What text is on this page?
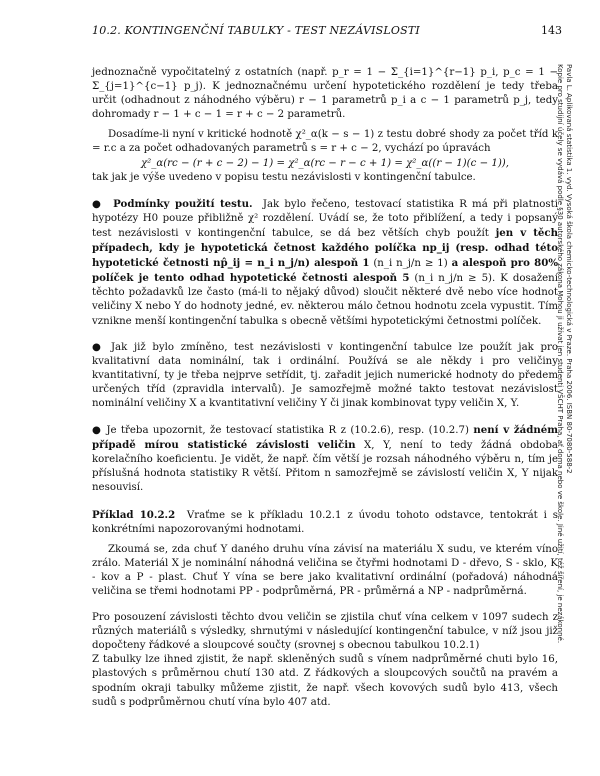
10.2. KONTINGENČNÍ TABULKY - TEST NEZÁVISLOSTI	143

jednoznačně vypočitatelný z ostatních (např. p_r = 1 − Σ_{i=1}^{r−1} p_i, p_c = 1 − Σ_{j=1}^{c−1} p_j). K jednoznačnému určení hypotetického rozdělení je tedy třeba určit (odhadnout z náhodného výběru) r − 1 parametrů p_i a c − 1 parametrů p_j, tedy dohromady r − 1 + c − 1 = r + c − 2 parametrů.

Dosadíme-li nyní v kritické hodnotě χ²_α(k − s − 1) z testu dobré shody za počet tříd k = r.c a za počet odhadovaných parametrů s = r + c − 2, vychází po úpravách

χ²_α(rc − (r + c − 2) − 1) = χ²_α(rc − r − c + 1) = χ²_α((r − 1)(c − 1)),

tak jak je výše uvedeno v popisu testu nezávislosti v kontingenční tabulce.

●  Podmínky použití testu. Jak bylo řečeno, testovací statistika R má při platnosti hypotézy H0 pouze přibližně χ² rozdělení. Uvádí se, že toto přiblížení, a tedy i popsaný test nezávislosti v kontingenční tabulce, se dá bez větších chyb použít jen v těch případech, kdy je hypotetická četnost každého políčka np_ij (resp. odhad této hypotetické četnosti np̂_ij = n_i n_j/n) alespoň 1 (n_i n_j/n ≥ 1) a alespoň pro 80% políček je tento odhad hypotetické četnosti alespoň 5 (n_i n_j/n ≥ 5). K dosažení těchto požadavků lze často (má-li to nějaký důvod) sloučit některé dvě nebo více hodnot veličiny X nebo Y do hodnoty jedné, ev. některou málo četnou hodnotu zcela vypustit. Tím vznikne menší kontingenční tabulka s obecně většími hypotetickými četnostmi políček.

● Jak již bylo zmíněno, test nezávislosti v kontingenční tabulce lze použít jak pro kvalitativní data nominální, tak i ordinální. Používá se ale někdy i pro veličiny kvantitativní, ty je třeba nejprve setřídit, tj. zařadit jejich numerické hodnoty do předem určených tříd (zpravidla intervalů). Je samozřejmě možné takto testovat nezávislost nominální veličiny X a kvantitativní veličiny Y či jinak kombinovat typy veličin X, Y.

● Je třeba upozornit, že testovací statistika R z (10.2.6), resp. (10.2.7) není v žádném případě mírou statistické závislosti veličin X, Y, není to tedy žádná obdoba korelačního koeficientu. Je vidět, že např. čím větší je rozsah náhodného výběru n, tím je příslušná hodnota statistiky R větší. Přitom n samozřejmě se závislostí veličin X, Y nijak nesouvisí.

Příklad 10.2.2 Vraťme se k příkladu 10.2.1 z úvodu tohoto odstavce, tentokrát i s konkrétními napozorovanými hodnotami.

Zkoumá se, zda chuť Y daného druhu vína závisí na materiálu X sudu, ve kterém víno zrálo. Materiál X je nominální náhodná veličina se čtyřmi hodnotami D - dřevo, S - sklo, K - kov a P - plast. Chuť Y vína se bere jako kvalitativní ordinální (pořadová) náhodná veličina se třemi hodnotami PP - podprůměrná, PR - průměrná a NP - nadprůměrná.

Pro posouzení závislosti těchto dvou veličin se zjistila chuť vína celkem v 1097 sudech z různých materiálů s výsledky, shrnutými v následující kontingenční tabulce, v níž jsou již dopočteny řádkové a sloupcové součty (srovnej s obecnou tabulkou 10.2.1)

Z tabulky lze ihned zjistit, že např. skleněných sudů s vínem nadprůměrné chuti bylo 16, plastových s průměrnou chutí 130 atd. Z řádkových a sloupcových součtů na pravém a spodním okraji tabulky můžeme zjistit, že např. všech kovových sudů bylo 413, všech sudů s podprůměrnou chutí vína bylo 407 atd.

Pavla L. Aplikovaná statistika 1. vyd. Vysoká škola chemicko-technologická v Praze. Praha 2006. ISBN 80-7080-588-2
Kopie pro studijní účely se vydává podle §30 autorského zákona Mohou ji užívat jen studenti VŠCHT Praha, ať doma nebo ve škole. Jiné užití, též šíření, je nezákonné.
